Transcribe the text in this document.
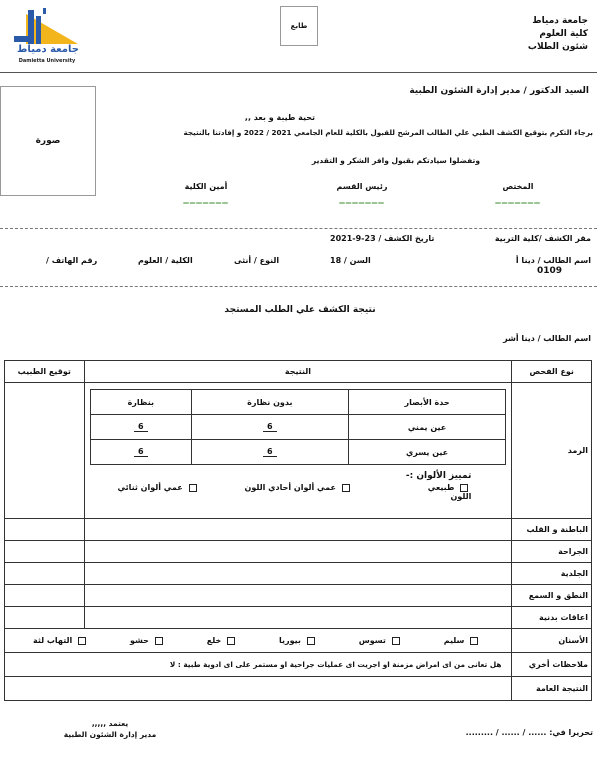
جامعة دمياط
كلية العلوم
شئون الطلاب
طابع
جامعة دمياط
Damietta University
صورة
السيد الدكتور / مدير إدارة الشئون الطبية
تحية طيبة و بعد ,,
برجاء التكرم بتوقيع الكشف الطبي علي الطالب المرشح للقبول بالكلية للعام الجامعي 2021 / 2022 و إفادتنا بالنتيجة
وتفضلوا سيادتكم بقبول وافر الشكر و التقدير
المختص
_______
رئيس القسم
_______
أمين الكلية
_______
مقر الكشف /كلية التربية
تاريخ الكشف / 23-9-2021
اسم الطالب / دينا أ
0109
السن / 18
النوع / أنثى
الكلية / العلوم
رقم الهاتف /
نتيجة الكشف علي الطلب المستجد
اسم الطالب / دينا أشر
نوع الفحص	النتيجة	توقيع الطبيب
الرمد	
حدة الأبصار	بدون نظارة	بنظارة
عين يمني	6	6
عين يسري	6	6
تمييز الألوان :-
طبيعي عمي ألوان أحادي اللون عمي ألوان ثنائي اللون

الباطنة و القلب		
الجراحة		
الجلدية		
النطق و السمع		
اعاقات بدنية		
الأسنان	سليم تسوس بيوريا خلع حشو التهاب لثة
ملاحظات أخري	هل تعانى من اى امراض مزمنة او اجريت اى عمليات جراحية او مستمر على اى ادوية طبية : لا
النتيجة العامة	
تحريرا في: ...... / ...... / .........
يعتمد ,,,,,
مدير إدارة الشئون الطبية
